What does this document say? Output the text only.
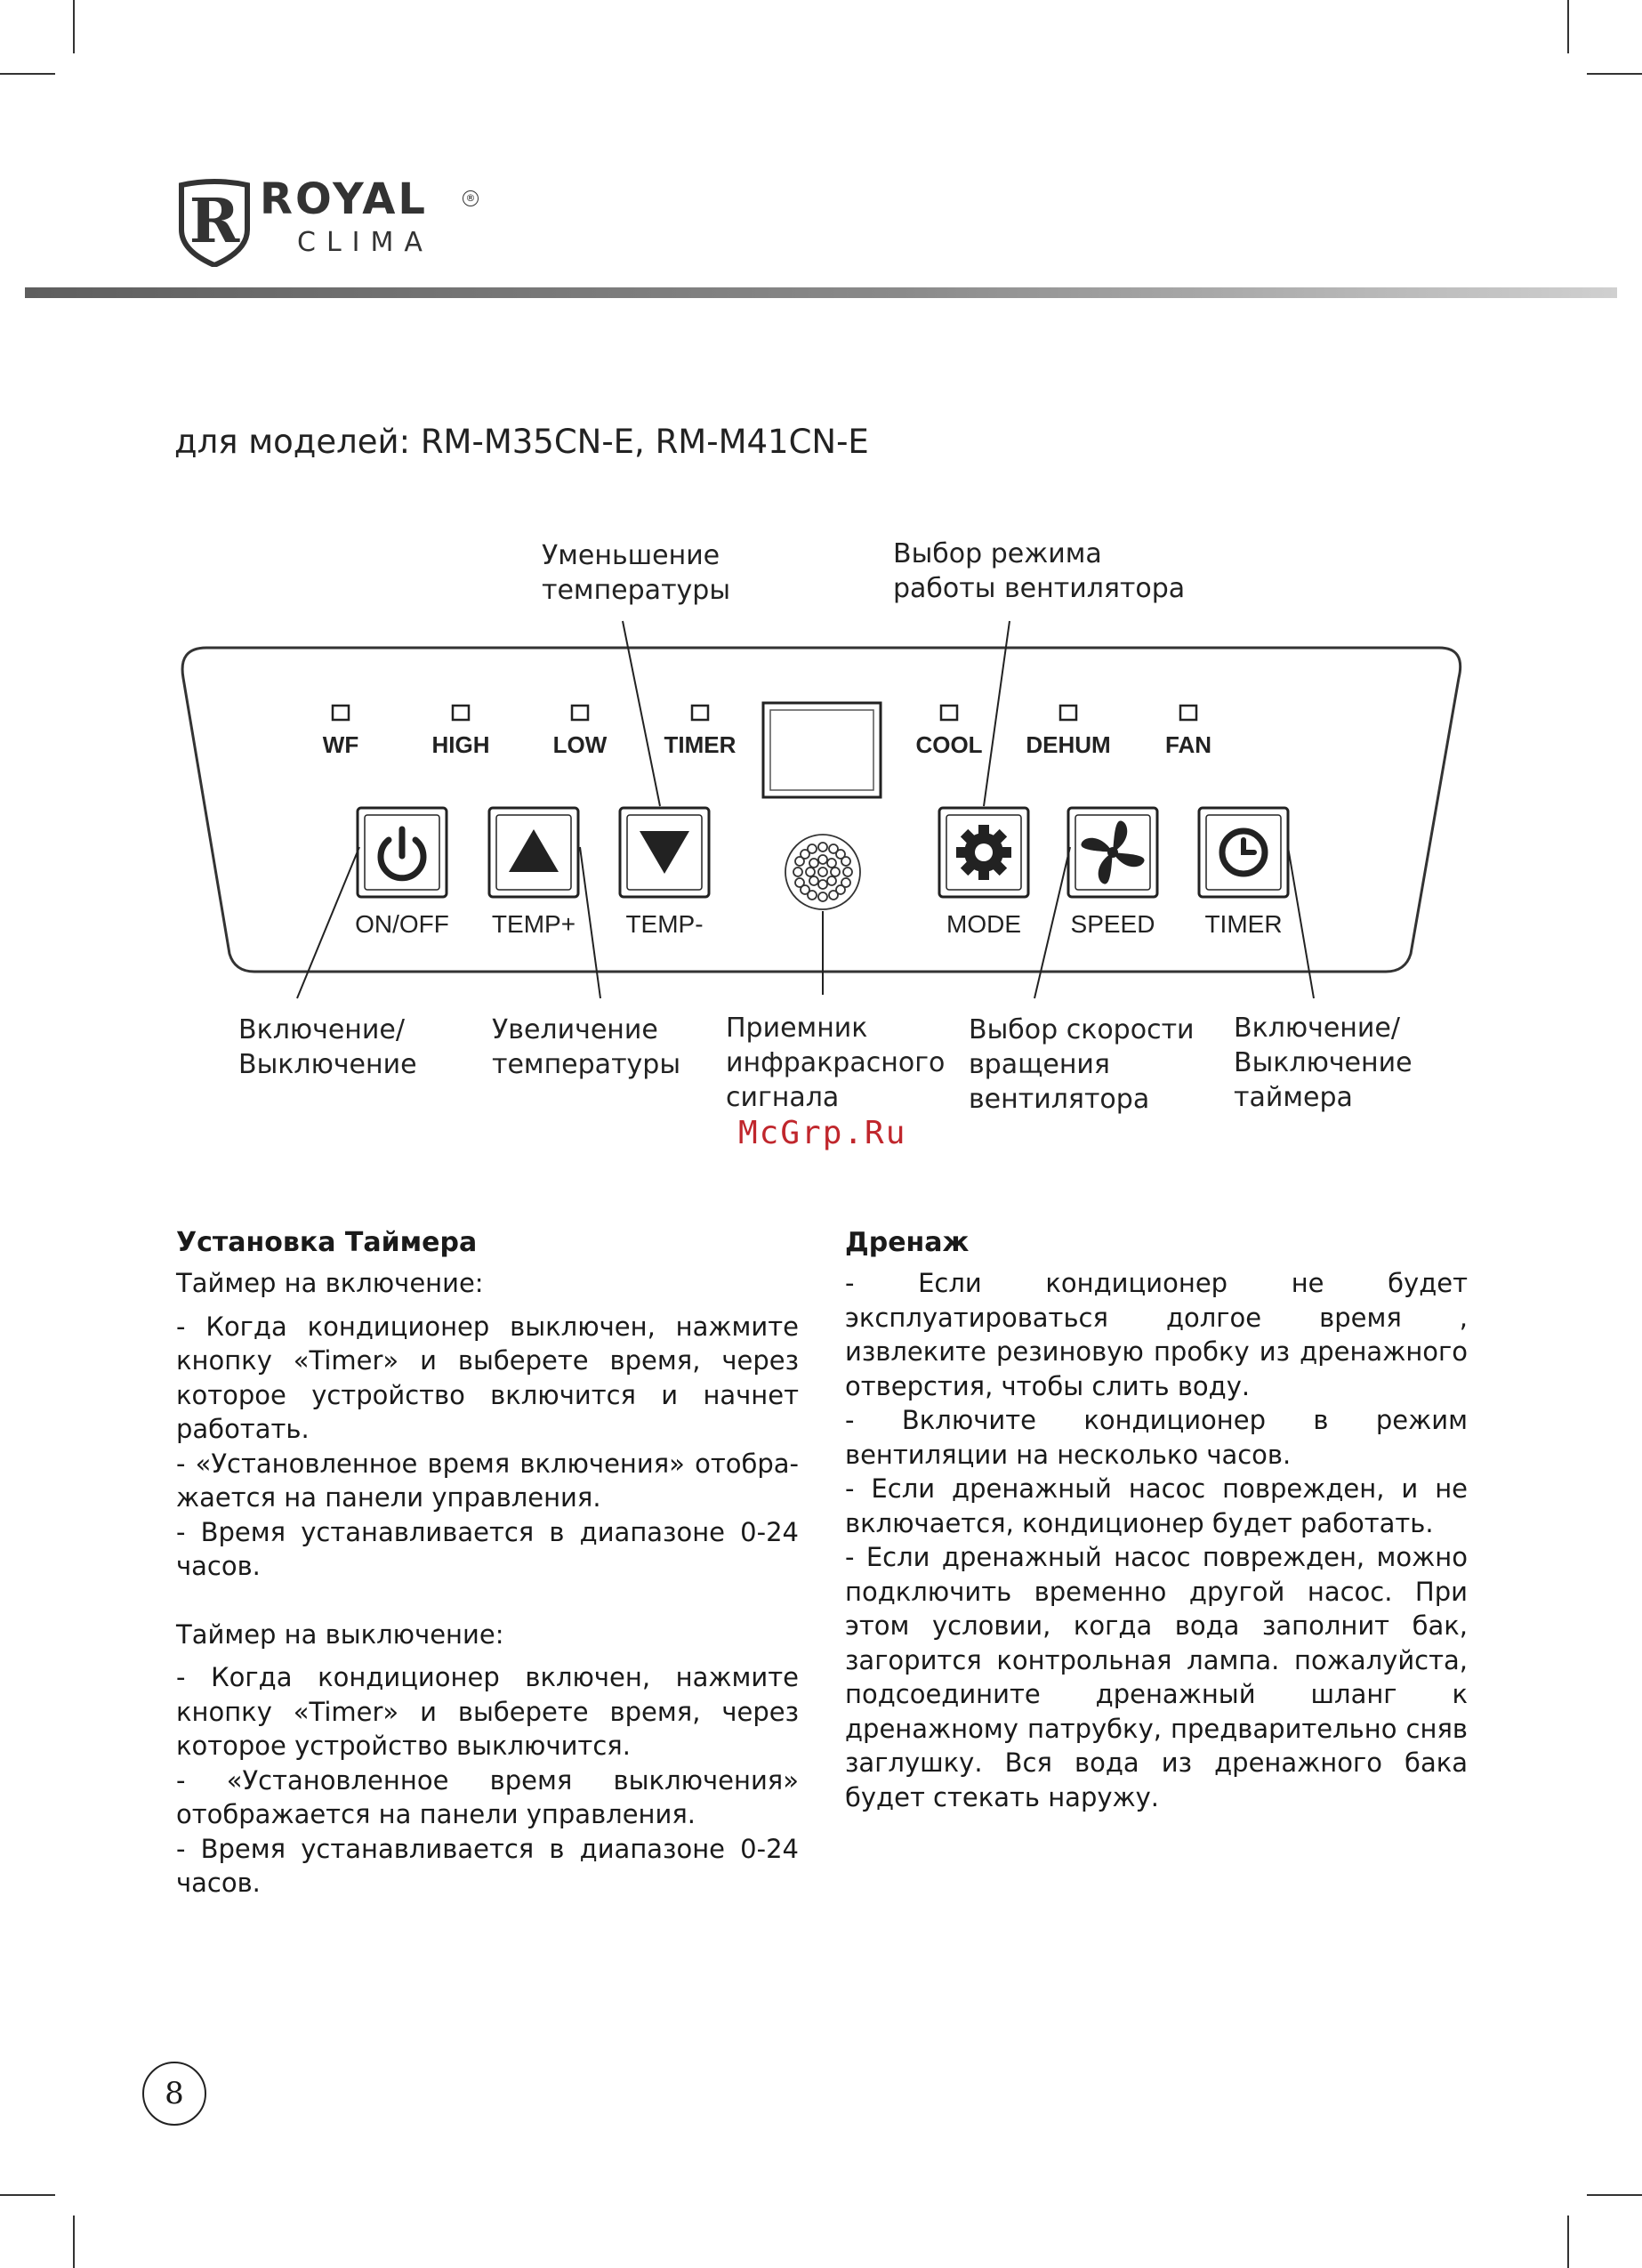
R ROYAL	®
CLIMA
для моделей: RM-M35CN-E, RM-M41CN-E
WF	HIGH	LOW TIMER	COOL DEHUM FAN
ON/OFF TEMP+ TEMP-	MODE SPEED TIMER
Уменьшение
температуры
Выбор режима
работы вентилятора
Включение/
Выключение
Увеличение
температуры
Приемник
инфракрасного
сигнала
Выбор скорости
вращения
вентилятора
Включение/
Выключение
таймера
McGrp.Ru
Установка Таймера

Таймер на включение:

- Когда кондиционер выключен, нажмите кнопку «Timer» и выберете время, через которое устройство включится и начнет работать.

- «Установленное время включения» отображается на панели управления.

- Время устанавливается в диапазоне 0-24 часов.

Таймер на выключение:

- Когда кондиционер включен, нажмите кнопку «Timer» и выберете время, через которое устройство выключится.

- «Установленное время выключения» отображается на панели управления.

- Время устанавливается в диапазоне 0-24 часов.

Дренаж

- Если кондиционер не будет эксплуатироваться долгое время , извлеките резиновую пробку из дренажного отверстия, чтобы слить воду.

- Включите кондиционер в режим вентиляции на несколько часов.

- Если дренажный насос поврежден, и не включается, кондиционер будет работать.

- Если дренажный насос поврежден, можно подключить временно другой насос. При этом условии, когда вода заполнит бак, загорится контрольная лампа. пожалуйста, подсоедините дренажный шланг к дренажному патрубку, предварительно сняв заглушку. Вся вода из дренажного бака будет стекать наружу.

8
